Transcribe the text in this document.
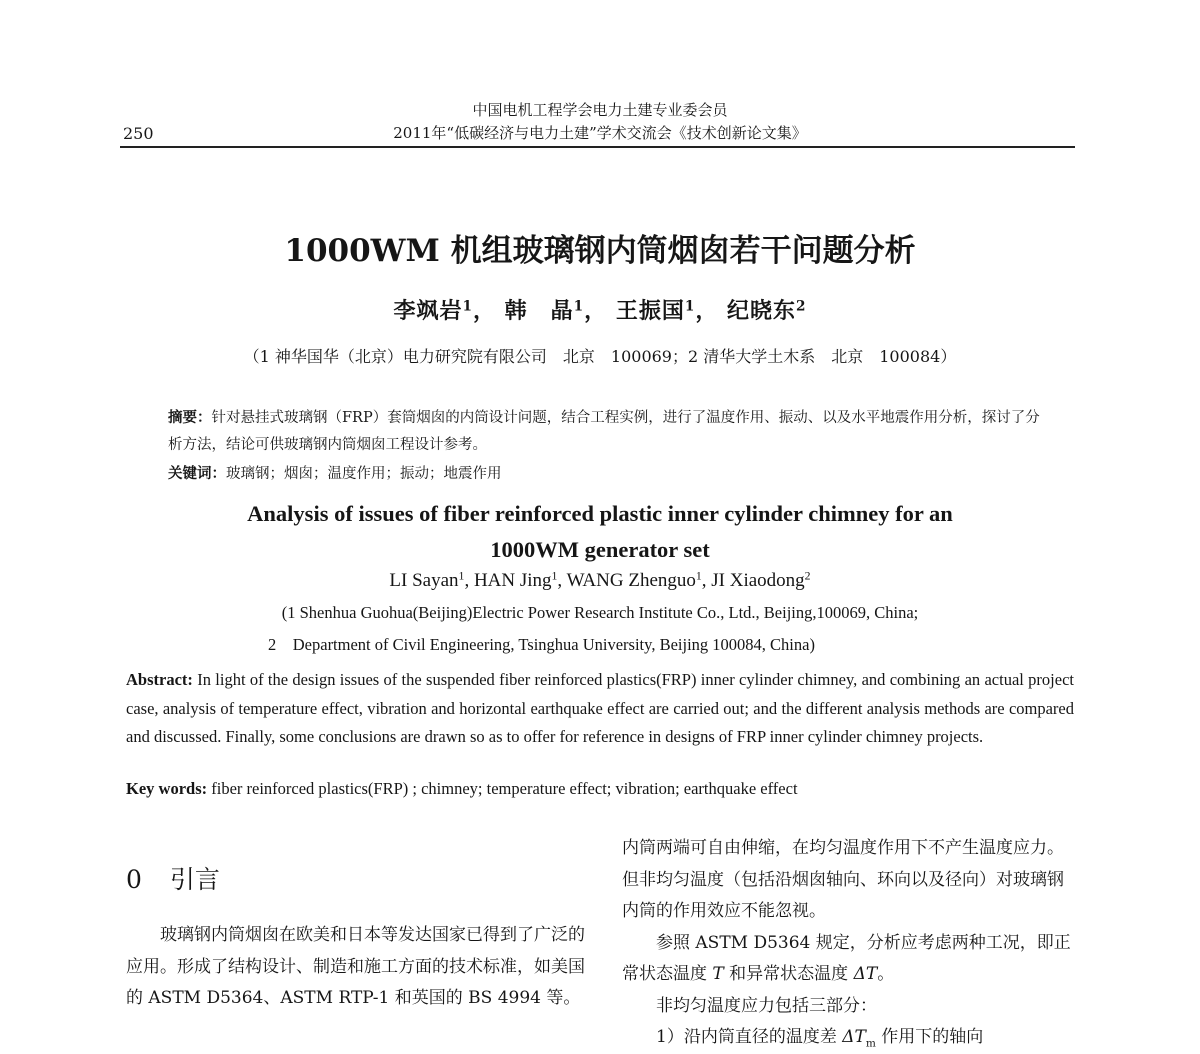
中国电机工程学会电力土建专业委会员
2011年“低碳经济与电力土建”学术交流会《技术创新论文集》
250
1000WM 机组玻璃钢内筒烟囱若干问题分析
李飒岩$^1$， 韩　晶$^1$， 王振国$^1$， 纪晓东$^2$
（1 神华国华（北京）电力研究院有限公司　北京　100069；2 清华大学土木系　北京　100084）
摘要：针对悬挂式玻璃钢（FRP）套筒烟囱的内筒设计问题，结合工程实例，进行了温度作用、振动、以及水平地震作用分析，探讨了分析方法，结论可供玻璃钢内筒烟囱工程设计参考。
关键词：玻璃钢；烟囱；温度作用；振动；地震作用
Analysis of issues of fiber reinforced plastic inner cylinder chimney for an
1000WM generator set
LI Sayan$^1$, HAN Jing$^1$, WANG Zhenguo$^1$, JI Xiaodong$^2$
(1 Shenhua Guohua(Beijing)Electric Power Research Institute Co., Ltd., Beijing,100069, China;
2　Department of Civil Engineering, Tsinghua University, Beijing 100084, China)
Abstract: In light of the design issues of the suspended fiber reinforced plastics(FRP) inner cylinder chimney, and combining an actual project case, analysis of temperature effect, vibration and horizontal earthquake effect are carried out; and the different analysis methods are compared and discussed. Finally, some conclusions are drawn so as to offer for reference in designs of FRP inner cylinder chimney projects.
Key words: fiber reinforced plastics(FRP) ; chimney; temperature effect; vibration; earthquake effect
0 引言

玻璃钢内筒烟囱在欧美和日本等发达国家已得到了广泛的应用。形成了结构设计、制造和施工方面的技术标准，如美国的 ASTM D5364、ASTM RTP-1 和英国的 BS 4994 等。

内筒两端可自由伸缩，在均匀温度作用下不产生温度应力。但非均匀温度（包括沿烟囱轴向、环向以及径向）对玻璃钢内筒的作用效应不能忽视。

参照 ASTM D5364 规定，分析应考虑两种工况，即正常状态温度 T 和异常状态温度 ΔT。

非均匀温度应力包括三部分：

1）沿内筒直径的温度差 $\Delta T_m$ 作用下的轴向
